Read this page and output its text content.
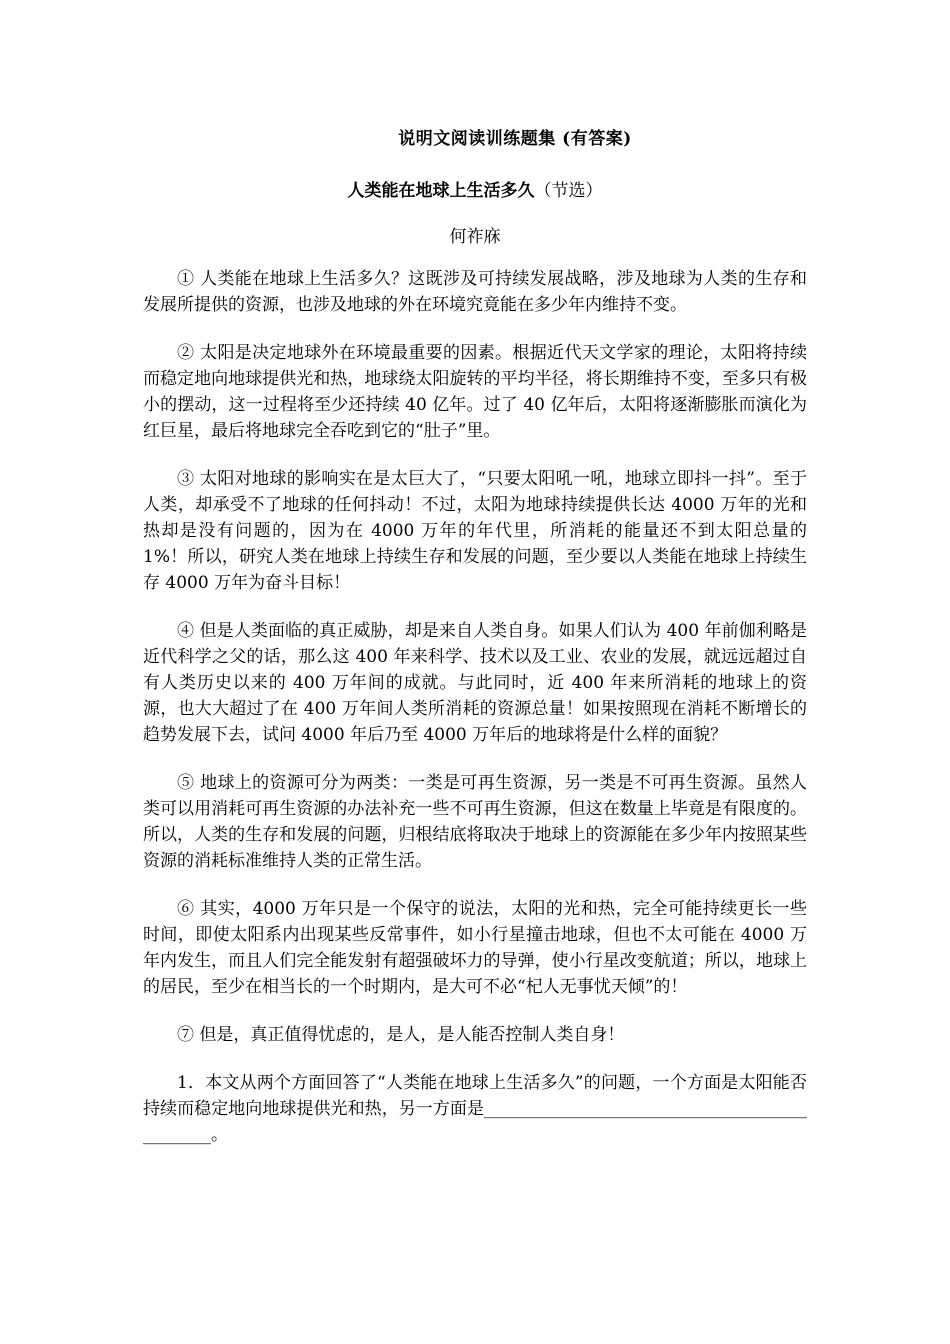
说明文阅读训练题集 (有答案)
人类能在地球上生活多久（节选）
何祚庥

① 人类能在地球上生活多久？这既涉及可持续发展战略，涉及地球为人类的生存和发展所提供的资源，也涉及地球的外在环境究竟能在多少年内维持不变。

② 太阳是决定地球外在环境最重要的因素。根据近代天文学家的理论，太阳将持续而稳定地向地球提供光和热，地球绕太阳旋转的平均半径，将长期维持不变，至多只有极小的摆动，这一过程将至少还持续 40 亿年。过了 40 亿年后，太阳将逐渐膨胀而演化为红巨星，最后将地球完全吞吃到它的“肚子”里。

③ 太阳对地球的影响实在是太巨大了，“只要太阳吼一吼，地球立即抖一抖”。至于人类，却承受不了地球的任何抖动！不过，太阳为地球持续提供长达 4000 万年的光和热却是没有问题的，因为在 4000 万年的年代里，所消耗的能量还不到太阳总量的 1%！所以，研究人类在地球上持续生存和发展的问题，至少要以人类能在地球上持续生存 4000 万年为奋斗目标！

④ 但是人类面临的真正威胁，却是来自人类自身。如果人们认为 400 年前伽利略是近代科学之父的话，那么这 400 年来科学、技术以及工业、农业的发展，就远远超过自有人类历史以来的 400 万年间的成就。与此同时，近 400 年来所消耗的地球上的资源，也大大超过了在 400 万年间人类所消耗的资源总量！如果按照现在消耗不断增长的趋势发展下去，试问 4000 年后乃至 4000 万年后的地球将是什么样的面貌？

⑤ 地球上的资源可分为两类：一类是可再生资源，另一类是不可再生资源。虽然人类可以用消耗可再生资源的办法补充一些不可再生资源，但这在数量上毕竟是有限度的。所以，人类的生存和发展的问题，归根结底将取决于地球上的资源能在多少年内按照某些资源的消耗标准维持人类的正常生活。

⑥ 其实，4000 万年只是一个保守的说法，太阳的光和热，完全可能持续更长一些时间，即使太阳系内出现某些反常事件，如小行星撞击地球，但也不太可能在 4000 万年内发生，而且人们完全能发射有超强破坏力的导弹，使小行星改变航道；所以，地球上的居民，至少在相当长的一个时期内，是大可不必“杞人无事忧天倾”的！

⑦ 但是，真正值得忧虑的，是人，是人能否控制人类自身！

1．本文从两个方面回答了“人类能在地球上生活多久”的问题，一个方面是太阳能否持续而稳定地向地球提供光和热，另一方面是______________________________________________。
